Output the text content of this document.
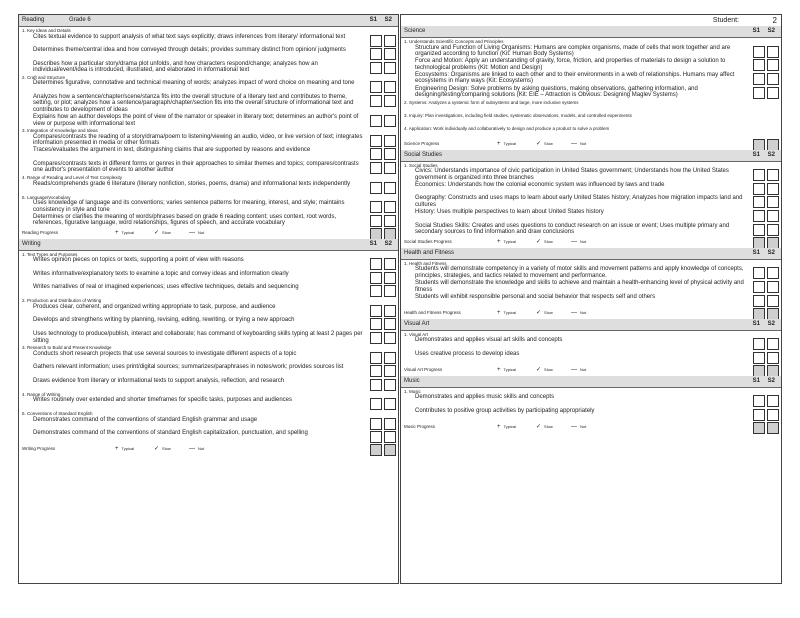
Reading	Grade 6	S1 S2
1. Key Ideas and Details
Cites textual evidence to support analysis of what text says explicitly; draws inferences from literary/ informational text
Determines theme/central idea and how conveyed through details; provides summary distinct from opinion/ judgments
Describes how a particular story/drama plot unfolds, and how characters respond/change; analyzes how an individual/event/idea is introduced, illustrated, and elaborated in informational text
2. Craft and Structure
Determines figurative, connotative and technical meaning of words; analyzes impact of word choice on meaning and tone
Analyzes how a sentence/chapter/scene/stanza fits into the overall structure of a literary text and contributes to theme, setting, or plot; analyzes how a sentence/paragraph/chapter/section fits into the overall structure of informational text and contributes to development of ideas
Explains how an author develops the point of view of the narrator or speaker in literary text; determines an author's point of view or purpose with informational text
3. Integration of Knowledge and Ideas
Compares/contrasts the reading of a story/drama/poem to listening/viewing an audio, video, or live version of text; integrates information presented in media or other formats
Traces/evaluates the argument in text, distinguishing claims that are supported by reasons and evidence
Compares/contrasts texts in different forms or genres in their approaches to similar themes and topics; compares/contrasts one author's presentation of events to another author
4. Range of Reading and Level of Text Complexity
Reads/comprehends grade 6 literature (literary nonfiction, stories, poems, drama) and informational texts independently
5. Language/Vocabulary
Uses knowledge of language and its conventions; varies sentence patterns for meaning, interest, and style; maintains consistency in style and tone
Determines or clarifies the meaning of words/phrases based on grade 6 reading content; uses context, root words, references, figurative language, word relationships, figures of speech, and accurate vocabulary
Reading Progress	+ Typical	✓ Slow	— Not
Writing	S1 S2
1. Text Types and Purposes
Writes opinion pieces on topics or texts, supporting a point of view with reasons
Writes informative/explanatory texts to examine a topic and convey ideas and information clearly
Writes narratives of real or imagined experiences; uses effective techniques, details and sequencing
2. Production and Distribution of Writing
Produces clear, coherent, and organized writing appropriate to task, purpose, and audience
Develops and strengthens writing by planning, revising, editing, rewriting, or trying a new approach
Uses technology to produce/publish, interact and collaborate; has command of keyboarding skills typing at least 2 pages per sitting
3. Research to Build and Present Knowledge
Conducts short research projects that use several sources to investigate different aspects of a topic
Gathers relevant information; uses print/digital sources; summarizes/paraphrases in notes/work; provides sources list
Draws evidence from literary or informational texts to support analysis, reflection, and research
4. Range of Writing
Writes routinely over extended and shorter timeframes for specific tasks, purposes and audiences
5. Conventions of Standard English
Demonstrates command of the conventions of standard English grammar and usage
Demonstrates command of the conventions of standard English capitalization, punctuation, and spelling
Writing Progress	+ Typical	✓ Slow	— Not
Student:	2
Science	S1 S2
1. Understands Scientific Concepts and Principles
Structure and Function of Living Organisms: Humans are complex organisms, made of cells that work together and are organized according to function (Kit: Human Body Systems)
Force and Motion: Apply an understanding of gravity, force, friction, and properties of materials to design a solution to technological problems (Kit: Motion and Design)
Ecosystems: Organisms are linked to each other and to their environments in a web of relationships. Humans may affect ecosystems in many ways (Kit: Ecosystems)
Engineering Design: Solve problems by asking questions, making observations, gathering information, and designing/testing/comparing solutions (Kit: EIE – Attraction is Obvious: Designing Maglev Systems)
2. Systems: Analyzes a systemic form of subsystems and large, more inclusive systems
3. Inquiry: Plan investigations, including field studies, systematic observations, models, and controlled experiments
4. Application: Work individually and collaboratively to design and produce a product to solve a problem
Science Progress	+ Typical	✓ Slow	— Not
Social Studies	S1 S2
1. Social Studies
Civics: Understands importance of civic participation in United States government; Understands how the United States government is organized into three branches
Economics: Understands how the colonial economic system was influenced by laws and trade
Geography: Constructs and uses maps to learn about early United States history; Analyzes how migration impacts land and cultures
History: Uses multiple perspectives to learn about United States history
Social Studies Skills: Creates and uses questions to conduct research on an issue or event; Uses multiple primary and secondary sources to find information and draw conclusions
Social Studies Progress	+ Typical	✓ Slow	— Not
Health and Fitness	S1 S2
1. Health and Fitness
Students will demonstrate competency in a variety of motor skills and movement patterns and apply knowledge of concepts, principles, strategies, and tactics related to movement and performance.
Students will demonstrate the knowledge and skills to achieve and maintain a health-enhancing level of physical activity and fitness
Students will exhibit responsible personal and social behavior that respects self and others
Health and Fitness Progress	+ Typical	✓ Slow	— Not
Visual Art	S1 S2
1. Visual Art
Demonstrates and applies visual art skills and concepts
Uses creative process to develop ideas
Visual Art Progress	+ Typical	✓ Slow	— Not
Music	S1 S2
1. Music
Demonstrates and applies music skills and concepts
Contributes to positive group activities by participating appropriately
Music Progress	+ Typical	✓ Slow	— Not
